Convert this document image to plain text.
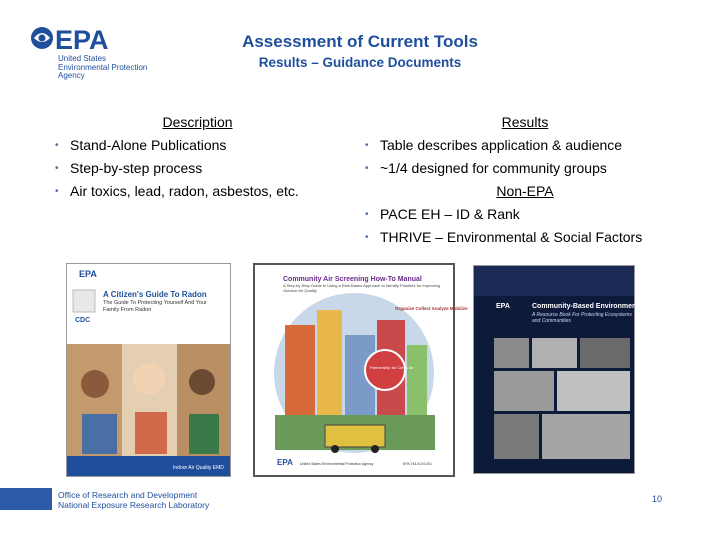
EPA
United States
Environmental Protection
Agency
Assessment of Current Tools
Results – Guidance Documents
Description
• Stand-Alone Publications
• Step-by-step process
• Air toxics, lead, radon, asbestos, etc.
Results
• Table describes application & audience
• ~1/4 designed for community groups
Non-EPA
• PACE EH – ID & Rank
• THRIVE – Environmental & Social Factors
EPA
A Citizen's Guide To Radon
The Guide To Protecting Yourself And Your Family From Radon
CDC
Indoor Air Quality EMD
Community Air Screening How-To Manual
A Step-by-Step Guide to Using a Risk-Based Approach to Identify Priorities for Improving Outdoor Air Quality
Partnership for Clean Air
Organize Collect Analyze Mobilize
EPA United States Environmental Protection Agency	EPA 744-B-04-001
EPA	Community-Based Environmental
A Resource Book For Protecting Ecosystems and Communities
Office of Research and Development
National Exposure Research Laboratory
10
